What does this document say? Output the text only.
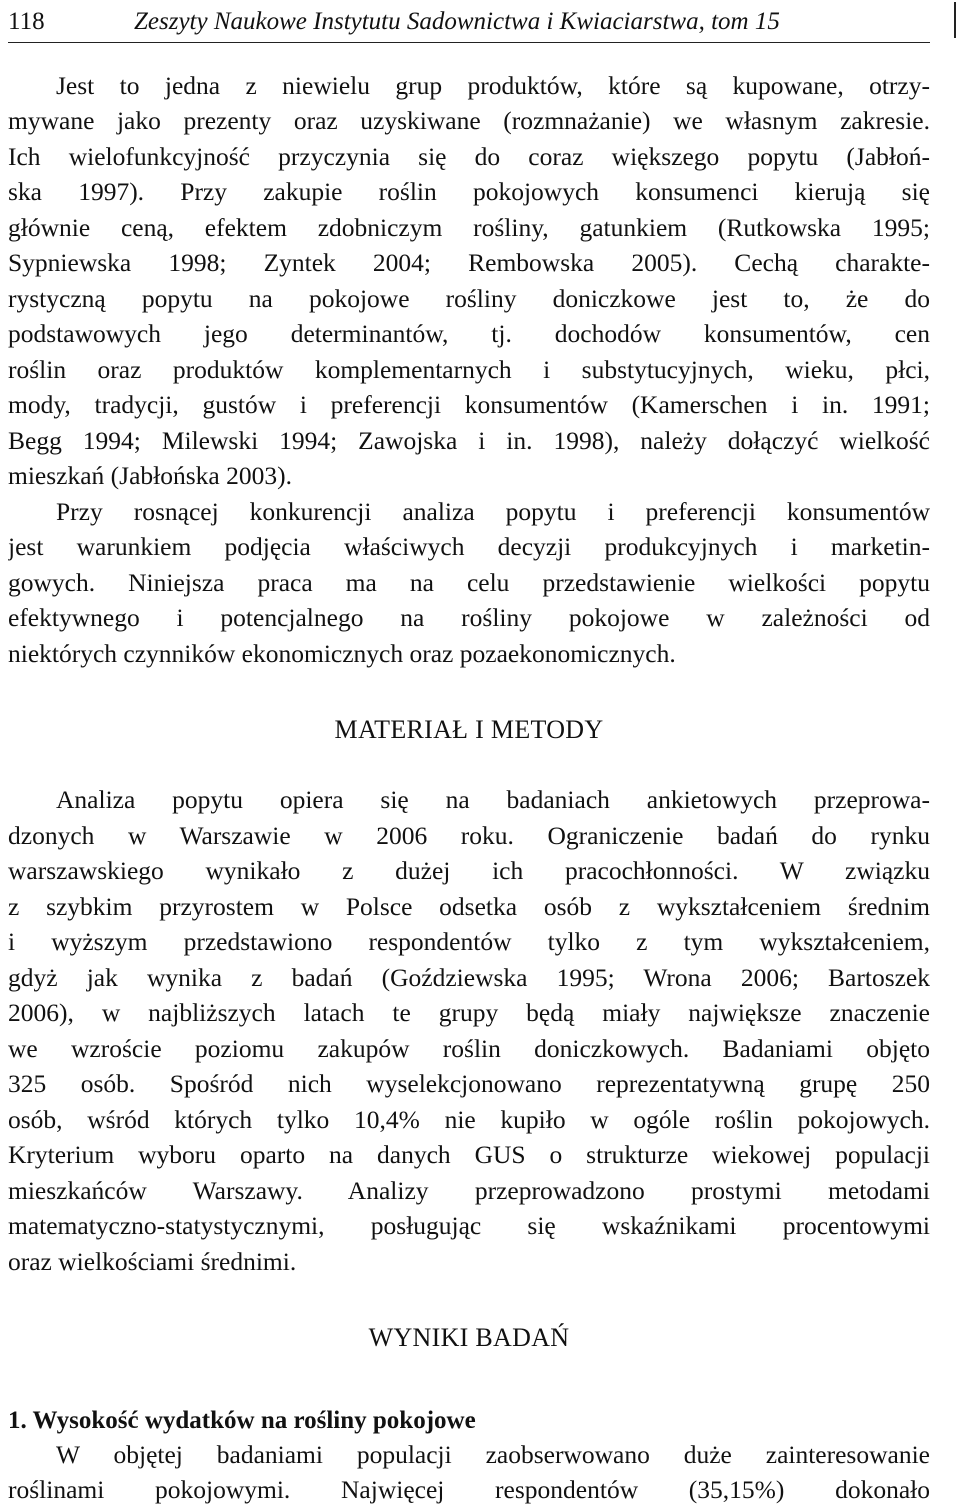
118	Zeszyty Naukowe Instytutu Sadownictwa i Kwiaciarstwa, tom 15
Jest to jedna z niewielu grup produktów, które są kupowane, otrzy-
mywane jako prezenty oraz uzyskiwane (rozmnażanie) we własnym zakresie.
Ich wielofunkcyjność przyczynia się do coraz większego popytu (Jabłoń-
ska 1997). Przy zakupie roślin pokojowych konsumenci kierują się
głównie ceną, efektem zdobniczym rośliny, gatunkiem (Rutkowska 1995;
Sypniewska 1998; Zyntek 2004; Rembowska 2005). Cechą charakte-
rystyczną popytu na pokojowe rośliny doniczkowe jest to, że do
podstawowych jego determinantów, tj. dochodów konsumentów, cen
roślin oraz produktów komplementarnych i substytucyjnych, wieku, płci,
mody, tradycji, gustów i preferencji konsumentów (Kamerschen i in. 1991;
Begg 1994; Milewski 1994; Zawojska i in. 1998), należy dołączyć wielkość
mieszkań (Jabłońska 2003).
Przy rosnącej konkurencji analiza popytu i preferencji konsumentów
jest warunkiem podjęcia właściwych decyzji produkcyjnych i marketin-
gowych. Niniejsza praca ma na celu przedstawienie wielkości popytu
efektywnego i potencjalnego na rośliny pokojowe w zależności od
niektórych czynników ekonomicznych oraz pozaekonomicznych.
MATERIAŁ I METODY
Analiza popytu opiera się na badaniach ankietowych przeprowa-
dzonych w Warszawie w 2006 roku. Ograniczenie badań do rynku
warszawskiego wynikało z dużej ich pracochłonności. W związku
z szybkim przyrostem w Polsce odsetka osób z wykształceniem średnim
i wyższym przedstawiono respondentów tylko z tym wykształceniem,
gdyż jak wynika z badań (Goździewska 1995; Wrona 2006; Bartoszek
2006), w najbliższych latach te grupy będą miały największe znaczenie
we wzroście poziomu zakupów roślin doniczkowych. Badaniami objęto
325 osób. Spośród nich wyselekcjonowano reprezentatywną grupę 250
osób, wśród których tylko 10,4% nie kupiło w ogóle roślin pokojowych.
Kryterium wyboru oparto na danych GUS o strukturze wiekowej populacji
mieszkańców Warszawy. Analizy przeprowadzono prostymi metodami
matematyczno-statystycznymi, posługując się wskaźnikami procentowymi
oraz wielkościami średnimi.
WYNIKI BADAŃ
1. Wysokość wydatków na rośliny pokojowe
W objętej badaniami populacji zaobserwowano duże zainteresowanie
roślinami pokojowymi. Najwięcej respondentów (35,15%) dokonało
